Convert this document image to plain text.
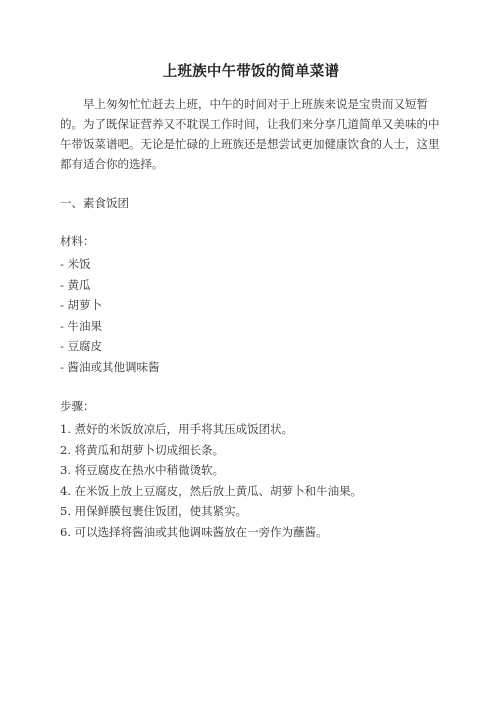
上班族中午带饭的简单菜谱
早上匆匆忙忙赶去上班，中午的时间对于上班族来说是宝贵而又短暂的。为了既保证营养又不耽误工作时间，让我们来分享几道简单又美味的中午带饭菜谱吧。无论是忙碌的上班族还是想尝试更加健康饮食的人士，这里都有适合你的选择。
一、素食饭团
材料：
- 米饭
- 黄瓜
- 胡萝卜
- 牛油果
- 豆腐皮
- 酱油或其他调味酱
步骤：
1. 煮好的米饭放凉后，用手将其压成饭团状。
2. 将黄瓜和胡萝卜切成细长条。
3. 将豆腐皮在热水中稍微烫软。
4. 在米饭上放上豆腐皮，然后放上黄瓜、胡萝卜和牛油果。
5. 用保鲜膜包裹住饭团，使其紧实。
6. 可以选择将酱油或其他调味酱放在一旁作为蘸酱。
